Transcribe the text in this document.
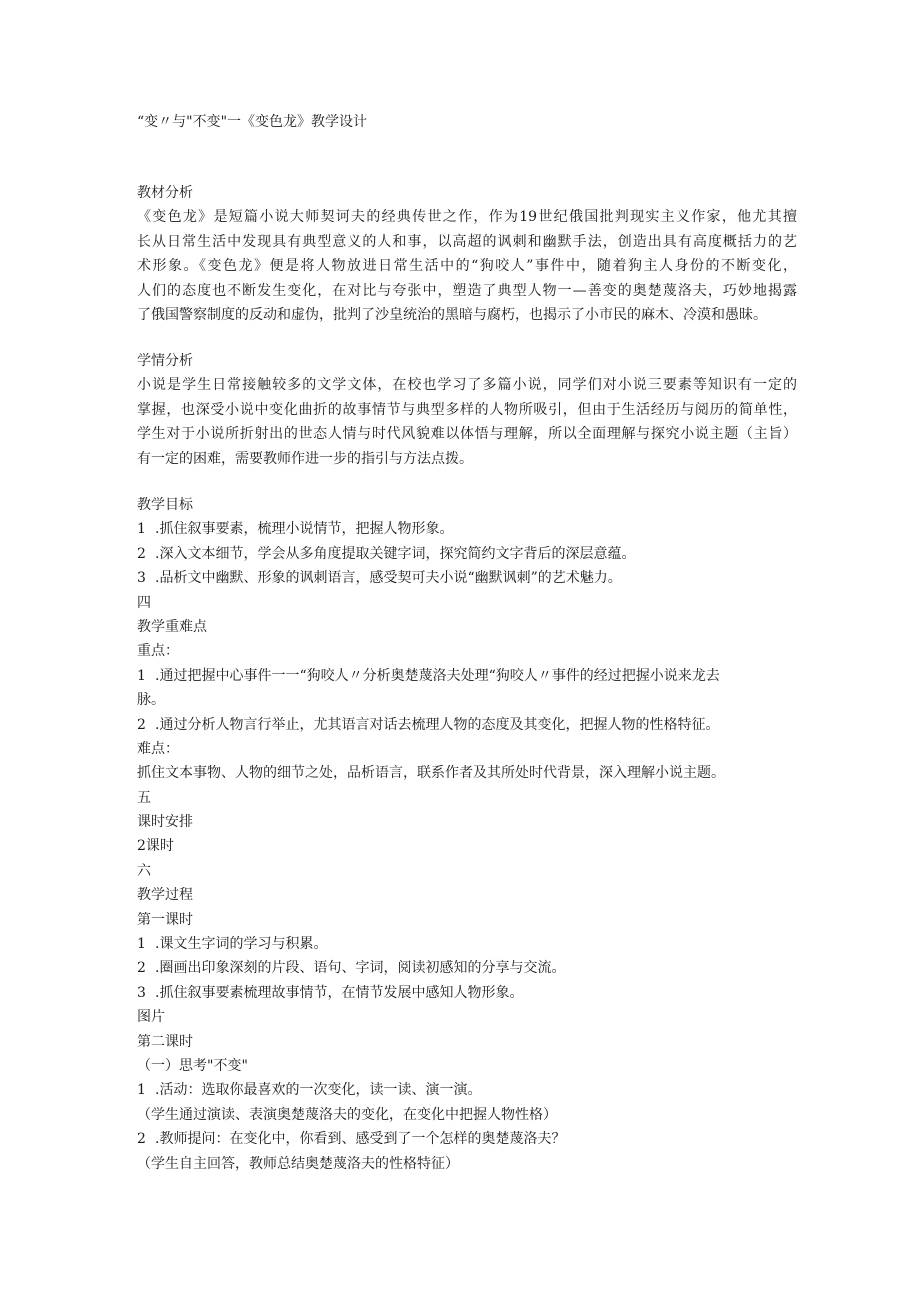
“变〃与"不变"一《变色龙》教学设计
教材分析
《变色龙》是短篇小说大师契诃夫的经典传世之作，作为19世纪俄国批判现实主义作家，他尤其擅
长从日常生活中发现具有典型意义的人和事，以高超的讽刺和幽默手法，创造出具有高度概括力的艺
术形象。《变色龙》便是将人物放进日常生活中的“狗咬人”事件中，随着狗主人身份的不断变化，
人们的态度也不断发生变化，在对比与夸张中，塑造了典型人物一—善变的奥楚蔑洛夫，巧妙地揭露
了俄国警察制度的反动和虚伪，批判了沙皇统治的黑暗与腐朽，也揭示了小市民的麻木、冷漠和愚昧。
学情分析
小说是学生日常接触较多的文学文体，在校也学习了多篇小说，同学们对小说三要素等知识有一定的
掌握，也深受小说中变化曲折的故事情节与典型多样的人物所吸引，但由于生活经历与阅历的简单性，
学生对于小说所折射出的世态人情与时代风貌难以体悟与理解，所以全面理解与探究小说主题（主旨）
有一定的困难，需要教师作进一步的指引与方法点拨。
教学目标
1 .抓住叙事要素，梳理小说情节，把握人物形象。
2 .深入文本细节，学会从多角度提取关键字词，探究简约文字背后的深层意蕴。
3 .品析文中幽默、形象的讽刺语言，感受契可夫小说“幽默讽刺”的艺术魅力。
四
教学重难点
重点：
1 .通过把握中心事件一一“狗咬人〃分析奥楚蔑洛夫处理“狗咬人〃事件的经过把握小说来龙去
脉。
2 .通过分析人物言行举止，尤其语言对话去梳理人物的态度及其变化，把握人物的性格特征。
难点：
抓住文本事物、人物的细节之处，品析语言，联系作者及其所处时代背景，深入理解小说主题。
五
课时安排
2课时
六
教学过程
第一课时
1 .课文生字词的学习与积累。
2 .圈画出印象深刻的片段、语句、字词，阅读初感知的分享与交流。
3 .抓住叙事要素梳理故事情节，在情节发展中感知人物形象。
图片
第二课时
（一）思考"不变"
1 .活动：选取你最喜欢的一次变化，读一读、演一演。
（学生通过演读、表演奥楚蔑洛夫的变化，在变化中把握人物性格）
2 .教师提问：在变化中，你看到、感受到了一个怎样的奥楚蔑洛夫？
（学生自主回答，教师总结奥楚蔑洛夫的性格特征）
